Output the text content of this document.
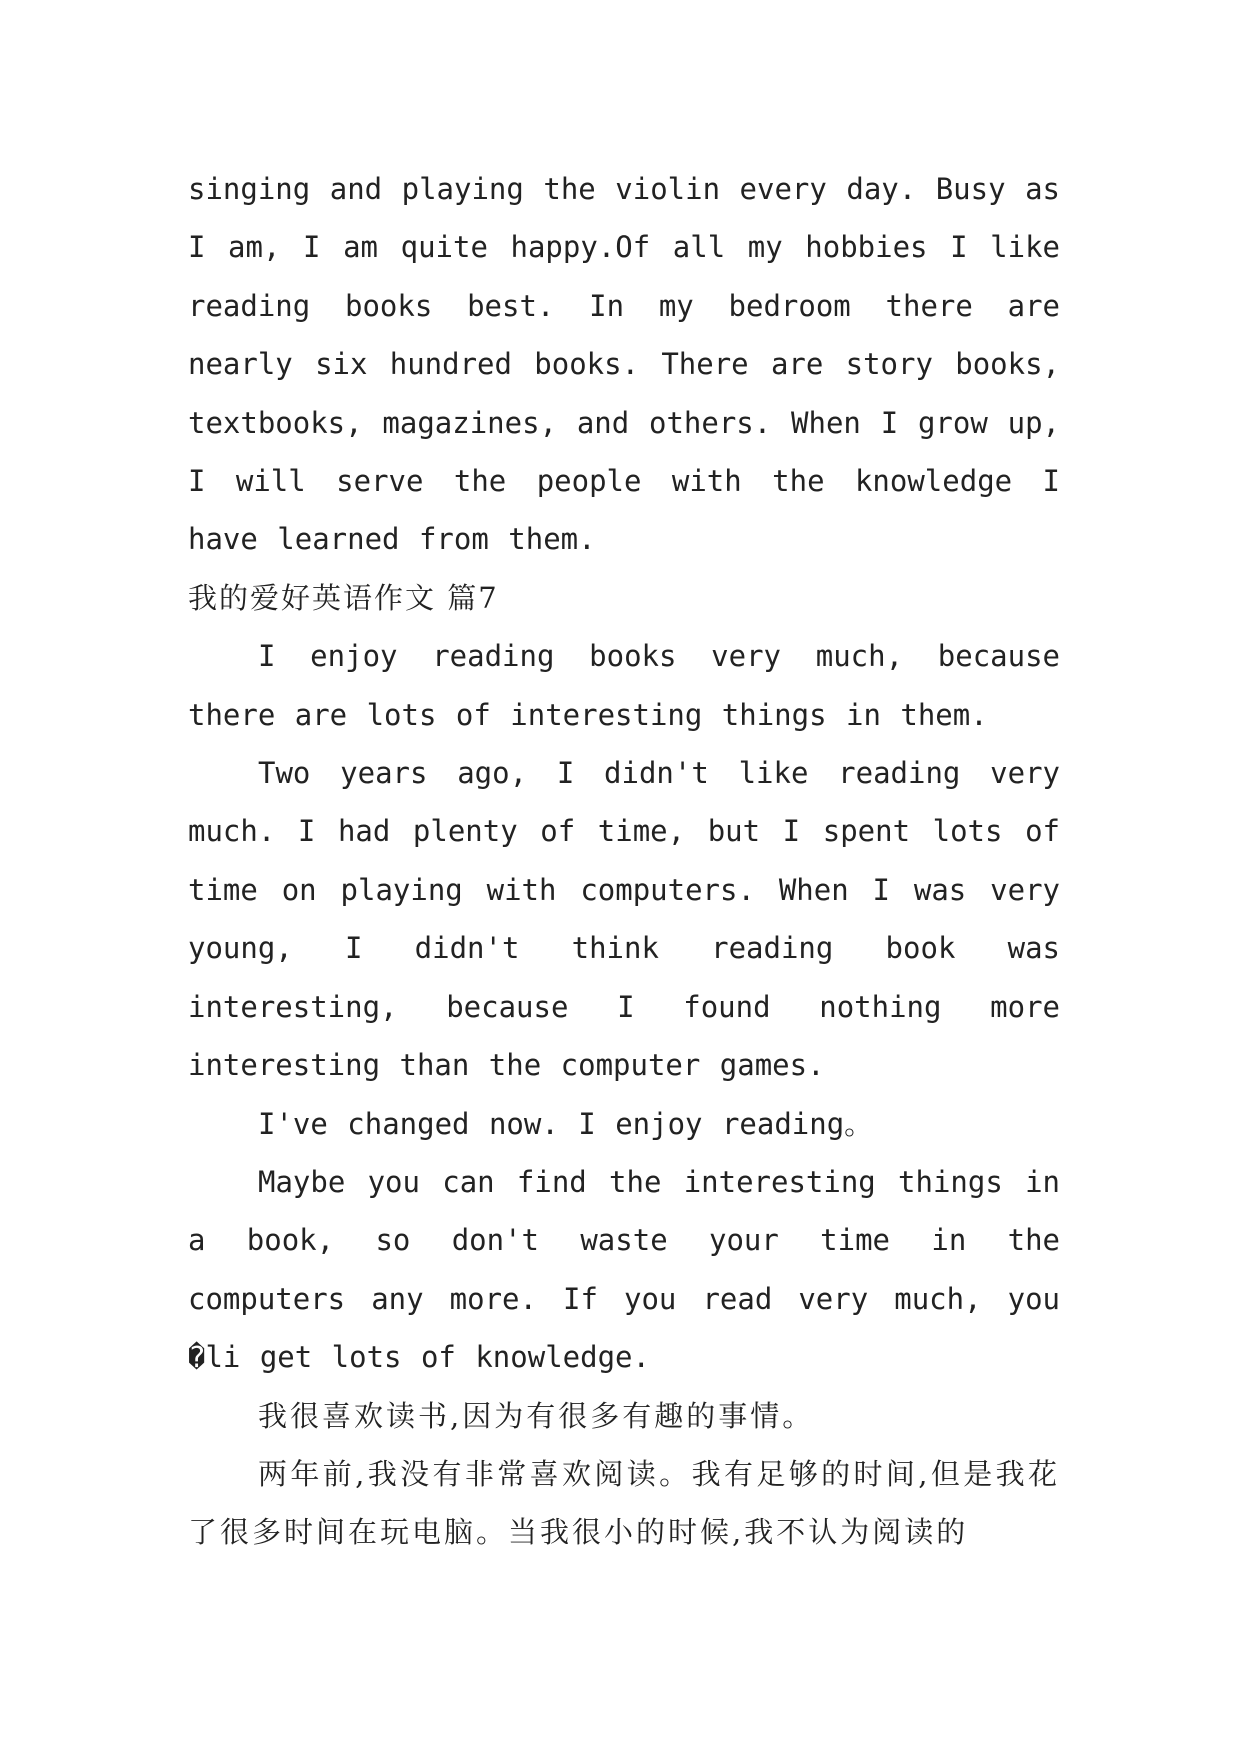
singing and playing the violin every day. Busy as I am, I am quite happy.Of all my hobbies I like reading books best. In my bedroom there are nearly six hundred books. There are story books, textbooks, magazines, and others. When I grow up, I will serve the people with the knowledge I have learned from them.

我的爱好英语作文 篇7

I enjoy reading books very much, because there are lots of interesting things in them.

Two years ago, I didn't like reading very much. I had plenty of time, but I spent lots of time on playing with computers. When I was very young, I didn't think reading book was interesting, because I found nothing more interesting than the computer games.

I've changed now. I enjoy reading。

Maybe you can find the interesting things in a book, so don't waste your time in the computers any more. If you read very much, you �li get lots of knowledge.

我很喜欢读书,因为有很多有趣的事情。

两年前,我没有非常喜欢阅读。我有足够的时间,但是我花了很多时间在玩电脑。当我很小的时候,我不认为阅读的
